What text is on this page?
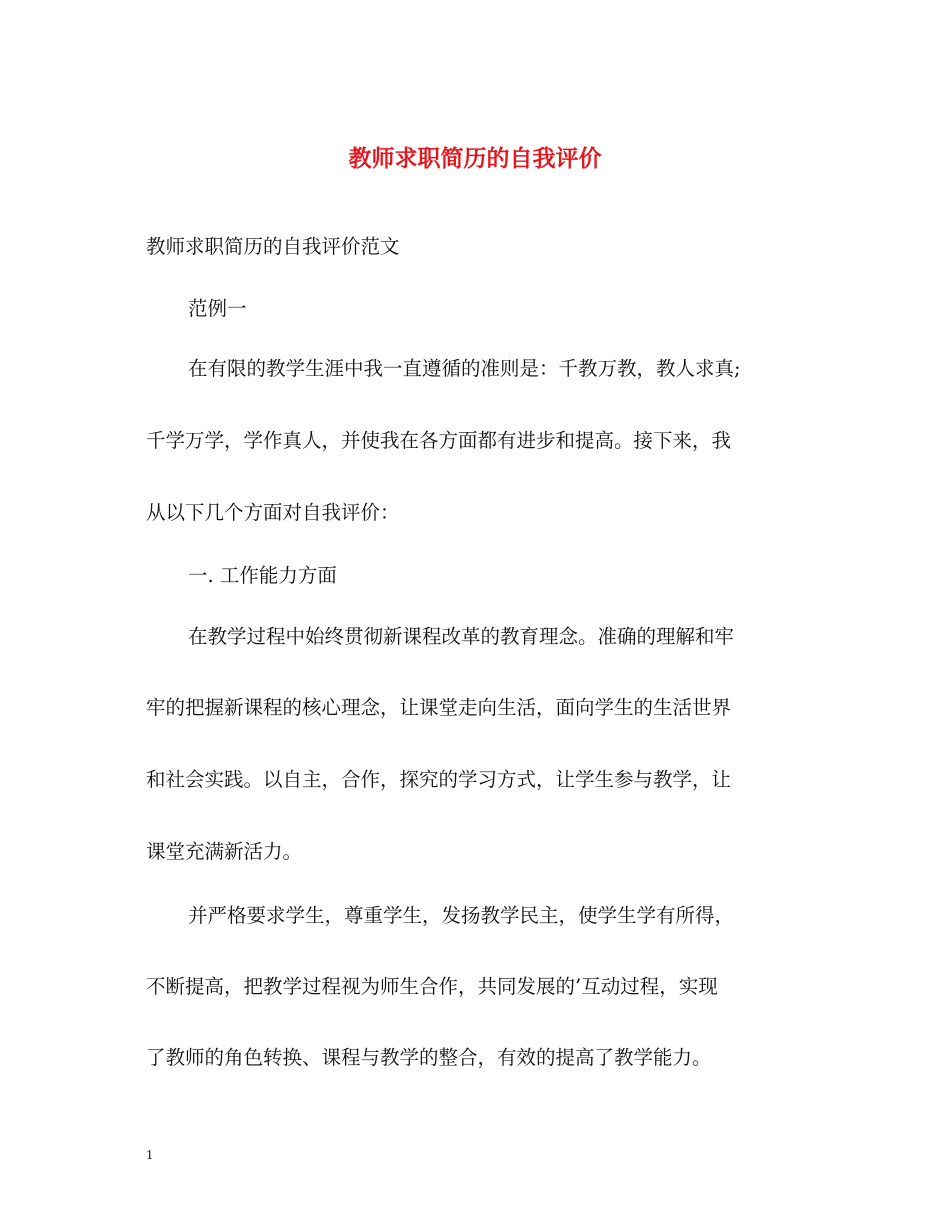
教师求职简历的自我评价
教师求职简历的自我评价范文
范例一
在有限的教学生涯中我一直遵循的准则是：千教万教，教人求真;
千学万学，学作真人，并使我在各方面都有进步和提高。接下来，我
从以下几个方面对自我评价：
一. 工作能力方面
在教学过程中始终贯彻新课程改革的教育理念。准确的理解和牢
牢的把握新课程的核心理念，让课堂走向生活，面向学生的生活世界
和社会实践。以自主，合作，探究的学习方式，让学生参与教学，让
课堂充满新活力。
并严格要求学生，尊重学生，发扬教学民主，使学生学有所得，
不断提高，把教学过程视为师生合作，共同发展的’互动过程，实现
了教师的角色转换、课程与教学的整合，有效的提高了教学能力。
1
